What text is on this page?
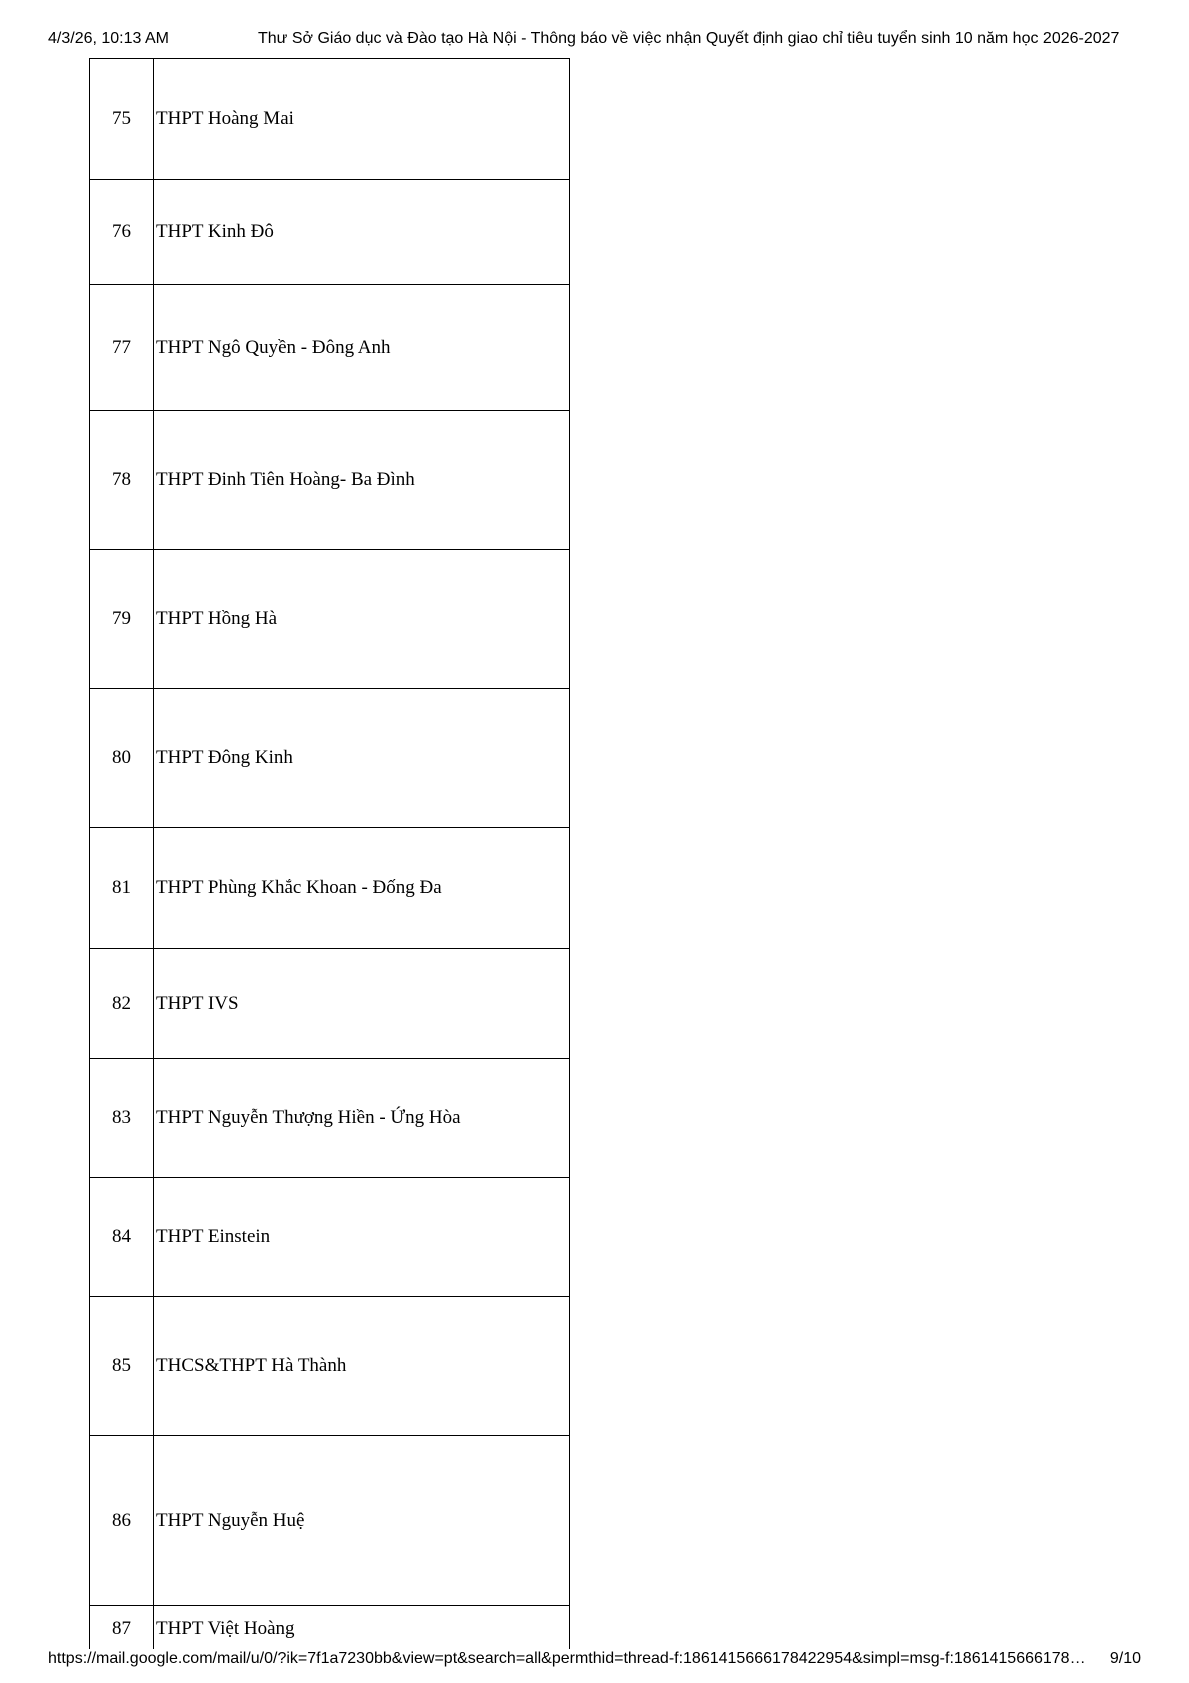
4/3/26, 10:13 AM	Thư Sở Giáo dục và Đào tạo Hà Nội - Thông báo về việc nhận Quyết định giao chỉ tiêu tuyển sinh 10 năm học 2026-2027
75	THPT Hoàng Mai
76	THPT Kinh Đô
77	THPT Ngô Quyền - Đông Anh
78	THPT Đinh Tiên Hoàng- Ba Đình
79	THPT Hồng Hà
80	THPT Đông Kinh
81	THPT Phùng Khắc Khoan - Đống Đa
82	THPT IVS
83	THPT Nguyễn Thượng Hiền - Ứng Hòa
84	THPT Einstein
85	THCS&THPT Hà Thành
86	THPT Nguyễn Huệ
87	THPT Việt Hoàng
https://mail.google.com/mail/u/0/?ik=7f1a7230bb&view=pt&search=all&permthid=thread-f:1861415666178422954&simpl=msg-f:1861415666178…	9/10
